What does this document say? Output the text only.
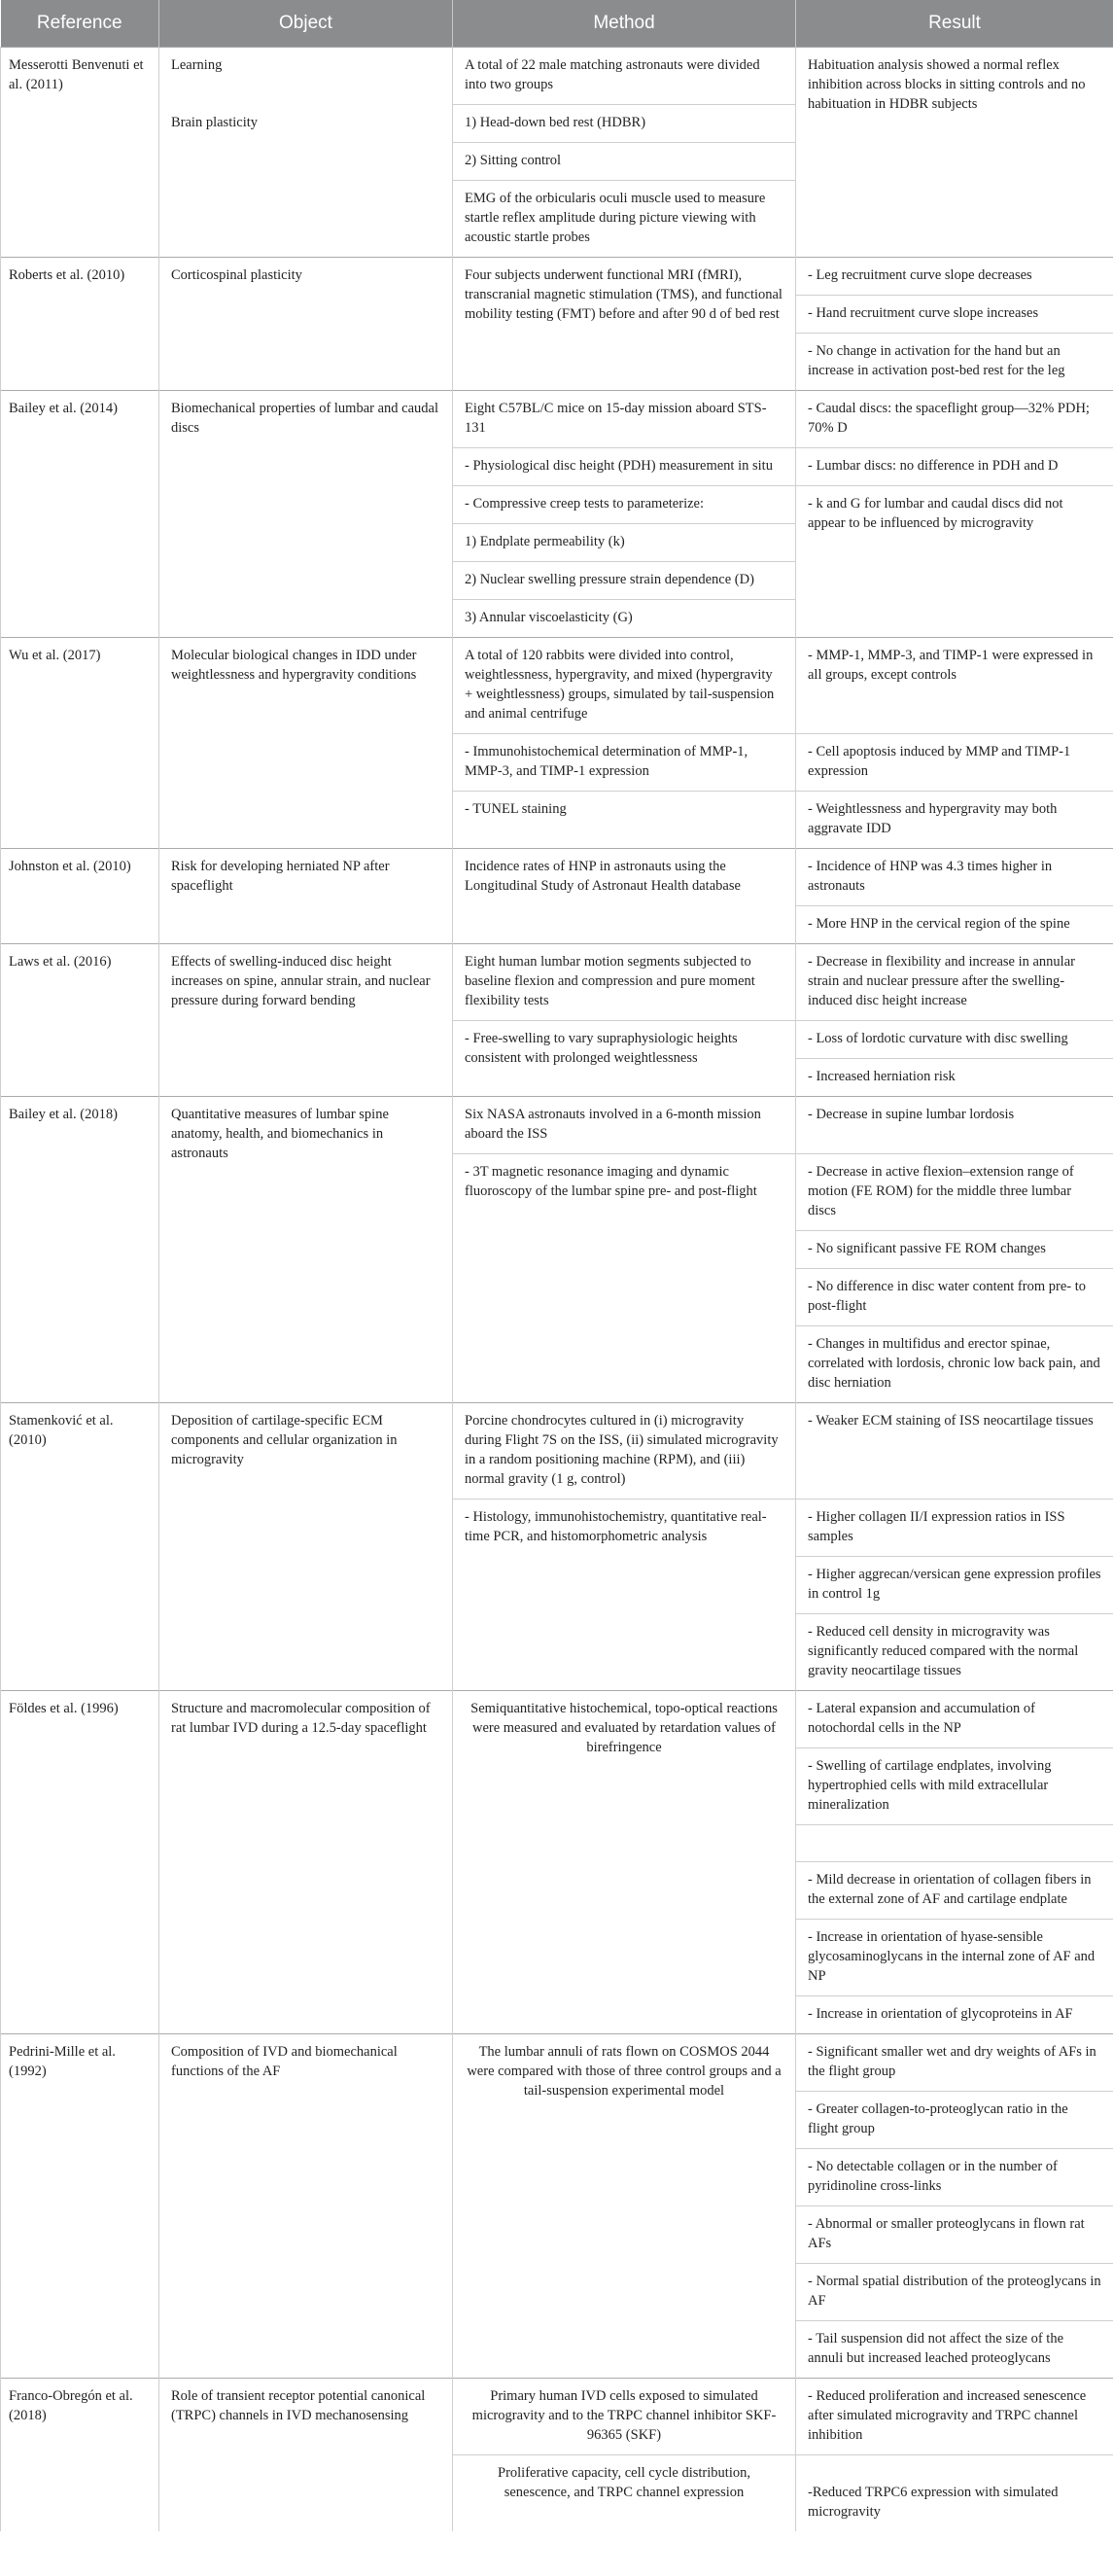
Reference	Object	Method	Result
Messerotti Benvenuti et al. (2011)	Learning	A total of 22 male matching astronauts were divided into two groups	Habituation analysis showed a normal reflex inhibition across blocks in sitting controls and no habituation in HDBR subjects
	Brain plasticity	1) Head-down bed rest (HDBR)	
		2) Sitting control	
		EMG of the orbicularis oculi muscle used to measure startle reflex amplitude during picture viewing with acoustic startle probes	

Roberts et al. (2010)	Corticospinal plasticity	Four subjects underwent functional MRI (fMRI), transcranial magnetic stimulation (TMS), and functional mobility testing (FMT) before and after 90 d of bed rest	- Leg recruitment curve slope decreases
			- Hand recruitment curve slope increases
			- No change in activation for the hand but an increase in activation post-bed rest for the leg
Bailey et al. (2014)	Biomechanical properties of lumbar and caudal discs	Eight C57BL/C mice on 15-day mission aboard STS-131	- Caudal discs: the spaceflight group—32% PDH; 70% D
		- Physiological disc height (PDH) measurement in situ	- Lumbar discs: no difference in PDH and D
		- Compressive creep tests to parameterize:	- k and G for lumbar and caudal discs did not appear to be influenced by microgravity
		1) Endplate permeability (k)	
		2) Nuclear swelling pressure strain dependence (D)	
		3) Annular viscoelasticity (G)	
Wu et al. (2017)	Molecular biological changes in IDD under weightlessness and hypergravity conditions	A total of 120 rabbits were divided into control, weightlessness, hypergravity, and mixed (hypergravity + weightlessness) groups, simulated by tail-suspension and animal centrifuge	- MMP-1, MMP-3, and TIMP-1 were expressed in all groups, except controls
		- Immunohistochemical determination of MMP-1, MMP-3, and TIMP-1 expression	- Cell apoptosis induced by MMP and TIMP-1 expression
		- TUNEL staining	- Weightlessness and hypergravity may both aggravate IDD
Johnston et al. (2010)	Risk for developing herniated NP after spaceflight	Incidence rates of HNP in astronauts using the Longitudinal Study of Astronaut Health database	- Incidence of HNP was 4.3 times higher in astronauts
			- More HNP in the cervical region of the spine
Laws et al. (2016)	Effects of swelling-induced disc height increases on spine, annular strain, and nuclear pressure during forward bending	Eight human lumbar motion segments subjected to baseline flexion and compression and pure moment flexibility tests	- Decrease in flexibility and increase in annular strain and nuclear pressure after the swelling-induced disc height increase
		- Free-swelling to vary supraphysiologic heights consistent with prolonged weightlessness	- Loss of lordotic curvature with disc swelling
			- Increased herniation risk
Bailey et al. (2018)	Quantitative measures of lumbar spine anatomy, health, and biomechanics in astronauts	Six NASA astronauts involved in a 6-month mission aboard the ISS	- Decrease in supine lumbar lordosis
		- 3T magnetic resonance imaging and dynamic fluoroscopy of the lumbar spine pre- and post-flight	- Decrease in active flexion–extension range of motion (FE ROM) for the middle three lumbar discs
			- No significant passive FE ROM changes
			- No difference in disc water content from pre- to post-flight
			- Changes in multifidus and erector spinae, correlated with lordosis, chronic low back pain, and disc herniation
Stamenković et al. (2010)	Deposition of cartilage-specific ECM components and cellular organization in microgravity	Porcine chondrocytes cultured in (i) microgravity during Flight 7S on the ISS, (ii) simulated microgravity in a random positioning machine (RPM), and (iii) normal gravity (1 g, control)	- Weaker ECM staining of ISS neocartilage tissues
		- Histology, immunohistochemistry, quantitative real-time PCR, and histomorphometric analysis	- Higher collagen II/I expression ratios in ISS samples
			- Higher aggrecan/versican gene expression profiles in control 1g
			- Reduced cell density in microgravity was significantly reduced compared with the normal gravity neocartilage tissues
Földes et al. (1996)	Structure and macromolecular composition of rat lumbar IVD during a 12.5-day spaceflight	Semiquantitative histochemical, topo-optical reactions were measured and evaluated by retardation values of birefringence	- Lateral expansion and accumulation of notochordal cells in the NP
			- Swelling of cartilage endplates, involving hypertrophied cells with mild extracellular mineralization

			- Mild decrease in orientation of collagen fibers in the external zone of AF and cartilage endplate
			- Increase in orientation of hyase-sensible glycosaminoglycans in the internal zone of AF and NP
			- Increase in orientation of glycoproteins in AF
Pedrini-Mille et al. (1992)	Composition of IVD and biomechanical functions of the AF	The lumbar annuli of rats flown on COSMOS 2044 were compared with those of three control groups and a tail-suspension experimental model	- Significant smaller wet and dry weights of AFs in the flight group
			- Greater collagen-to-proteoglycan ratio in the flight group
			- No detectable collagen or in the number of pyridinoline cross-links
			- Abnormal or smaller proteoglycans in flown rat AFs
			- Normal spatial distribution of the proteoglycans in AF
			- Tail suspension did not affect the size of the annuli but increased leached proteoglycans
Franco-Obregón et al. (2018)	Role of transient receptor potential canonical (TRPC) channels in IVD mechanosensing	Primary human IVD cells exposed to simulated microgravity and to the TRPC channel inhibitor SKF-96365 (SKF)	- Reduced proliferation and increased senescence after simulated microgravity and TRPC channel inhibition
		Proliferative capacity, cell cycle distribution, senescence, and TRPC channel expression	-Reduced TRPC6 expression with simulated microgravity
